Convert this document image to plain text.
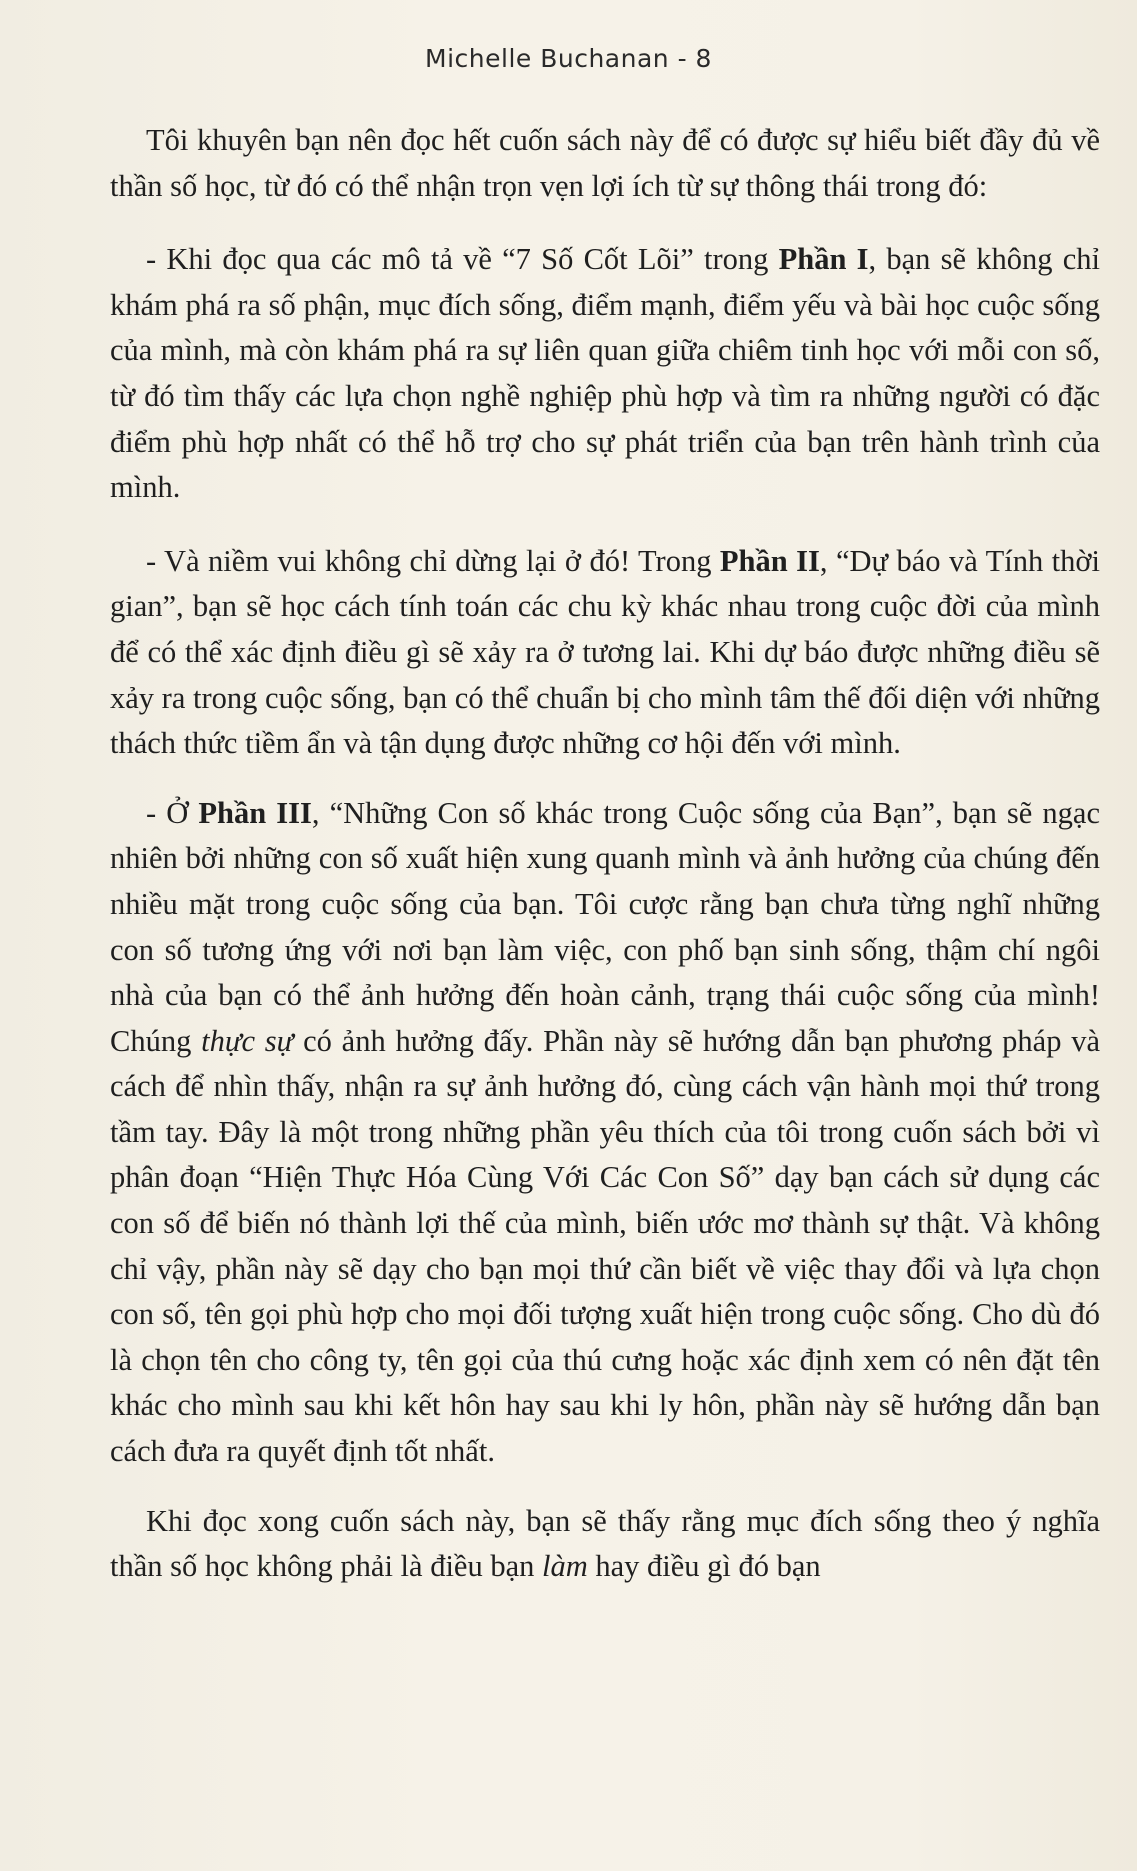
Michelle Buchanan - 8

Tôi khuyên bạn nên đọc hết cuốn sách này để có được sự hiểu biết đầy đủ về thần số học, từ đó có thể nhận trọn vẹn lợi ích từ sự thông thái trong đó:

- Khi đọc qua các mô tả về “7 Số Cốt Lõi” trong Phần I, bạn sẽ không chỉ khám phá ra số phận, mục đích sống, điểm mạnh, điểm yếu và bài học cuộc sống của mình, mà còn khám phá ra sự liên quan giữa chiêm tinh học với mỗi con số, từ đó tìm thấy các lựa chọn nghề nghiệp phù hợp và tìm ra những người có đặc điểm phù hợp nhất có thể hỗ trợ cho sự phát triển của bạn trên hành trình của mình.

- Và niềm vui không chỉ dừng lại ở đó! Trong Phần II, “Dự báo và Tính thời gian”, bạn sẽ học cách tính toán các chu kỳ khác nhau trong cuộc đời của mình để có thể xác định điều gì sẽ xảy ra ở tương lai. Khi dự báo được những điều sẽ xảy ra trong cuộc sống, bạn có thể chuẩn bị cho mình tâm thế đối diện với những thách thức tiềm ẩn và tận dụng được những cơ hội đến với mình.

- Ở Phần III, “Những Con số khác trong Cuộc sống của Bạn”, bạn sẽ ngạc nhiên bởi những con số xuất hiện xung quanh mình và ảnh hưởng của chúng đến nhiều mặt trong cuộc sống của bạn. Tôi cược rằng bạn chưa từng nghĩ những con số tương ứng với nơi bạn làm việc, con phố bạn sinh sống, thậm chí ngôi nhà của bạn có thể ảnh hưởng đến hoàn cảnh, trạng thái cuộc sống của mình! Chúng thực sự có ảnh hưởng đấy. Phần này sẽ hướng dẫn bạn phương pháp và cách để nhìn thấy, nhận ra sự ảnh hưởng đó, cùng cách vận hành mọi thứ trong tầm tay. Đây là một trong những phần yêu thích của tôi trong cuốn sách bởi vì phân đoạn “Hiện Thực Hóa Cùng Với Các Con Số” dạy bạn cách sử dụng các con số để biến nó thành lợi thế của mình, biến ước mơ thành sự thật. Và không chỉ vậy, phần này sẽ dạy cho bạn mọi thứ cần biết về việc thay đổi và lựa chọn con số, tên gọi phù hợp cho mọi đối tượng xuất hiện trong cuộc sống. Cho dù đó là chọn tên cho công ty, tên gọi của thú cưng hoặc xác định xem có nên đặt tên khác cho mình sau khi kết hôn hay sau khi ly hôn, phần này sẽ hướng dẫn bạn cách đưa ra quyết định tốt nhất.

Khi đọc xong cuốn sách này, bạn sẽ thấy rằng mục đích sống theo ý nghĩa thần số học không phải là điều bạn làm hay điều gì đó bạn
